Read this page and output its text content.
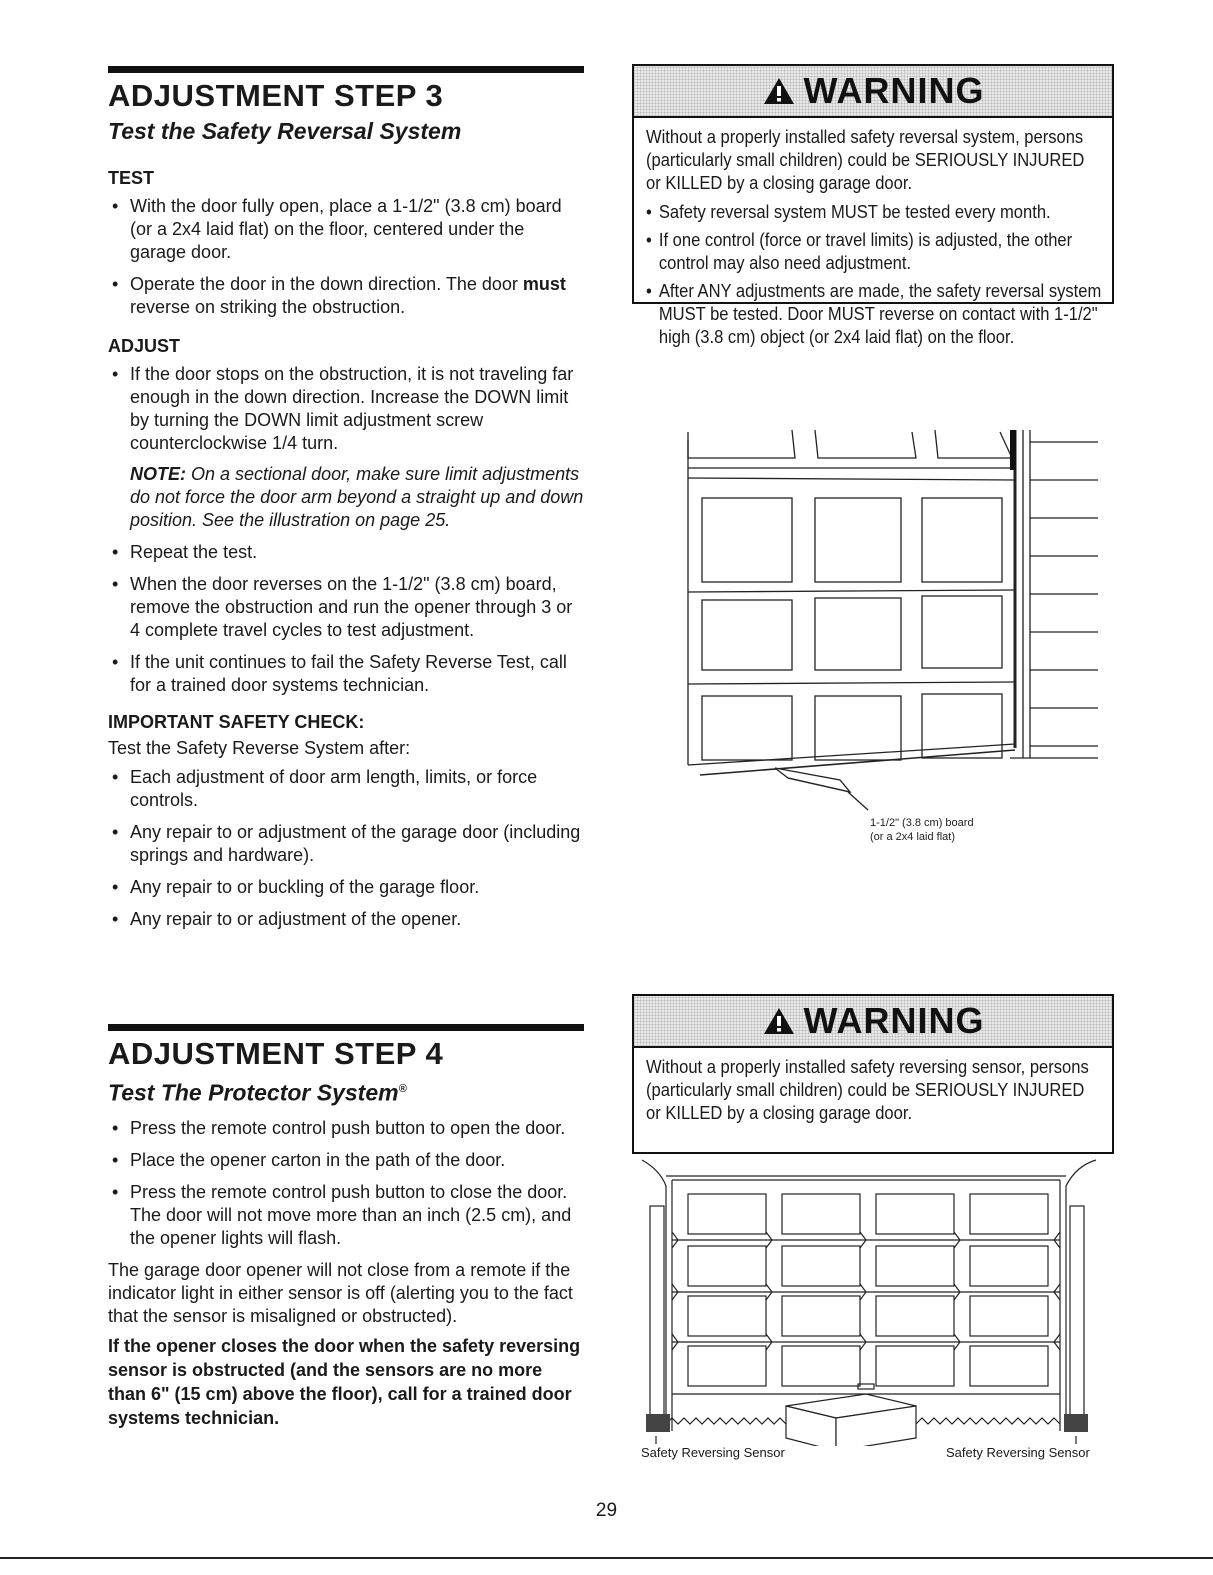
ADJUSTMENT STEP 3
Test the Safety Reversal System
TEST
• With the door fully open, place a 1-1/2" (3.8 cm) board (or a 2x4 laid flat) on the floor, centered under the garage door.
• Operate the door in the down direction. The door must reverse on striking the obstruction.
ADJUST

• If the door stops on the obstruction, it is not traveling far enough in the down direction. Increase the DOWN limit by turning the DOWN limit adjustment screw counterclockwise 1/4 turn.

NOTE: On a sectional door, make sure limit adjustments do not force the door arm beyond a straight up and down position. See the illustration on page 25.

• Repeat the test.
• When the door reverses on the 1-1/2" (3.8 cm) board, remove the obstruction and run the opener through 3 or 4 complete travel cycles to test adjustment.
• If the unit continues to fail the Safety Reverse Test, call for a trained door systems technician.
IMPORTANT SAFETY CHECK:
Test the Safety Reverse System after:
• Each adjustment of door arm length, limits, or force controls.
• Any repair to or adjustment of the garage door (including springs and hardware).
• Any repair to or buckling of the garage floor.
• Any repair to or adjustment of the opener.
WARNING

Without a properly installed safety reversal system, persons (particularly small children) could be SERIOUSLY INJURED or KILLED by a closing garage door.

• Safety reversal system MUST be tested every month.
• If one control (force or travel limits) is adjusted, the other control may also need adjustment.
• After ANY adjustments are made, the safety reversal system MUST be tested. Door MUST reverse on contact with 1-1/2" high (3.8 cm) object (or 2x4 laid flat) on the floor.
1-1/2" (3.8 cm) board
(or a 2x4 laid flat)
ADJUSTMENT STEP 4
Test The Protector System®
• Press the remote control push button to open the door.
• Place the opener carton in the path of the door.
• Press the remote control push button to close the door. The door will not move more than an inch (2.5 cm), and the opener lights will flash.
The garage door opener will not close from a remote if the indicator light in either sensor is off (alerting you to the fact that the sensor is misaligned or obstructed).
If the opener closes the door when the safety reversing sensor is obstructed (and the sensors are no more than 6" (15 cm) above the floor), call for a trained door systems technician.
WARNING

Without a properly installed safety reversing sensor, persons (particularly small children) could be SERIOUSLY INJURED or KILLED by a closing garage door.

Safety Reversing Sensor	Safety Reversing Sensor
29
